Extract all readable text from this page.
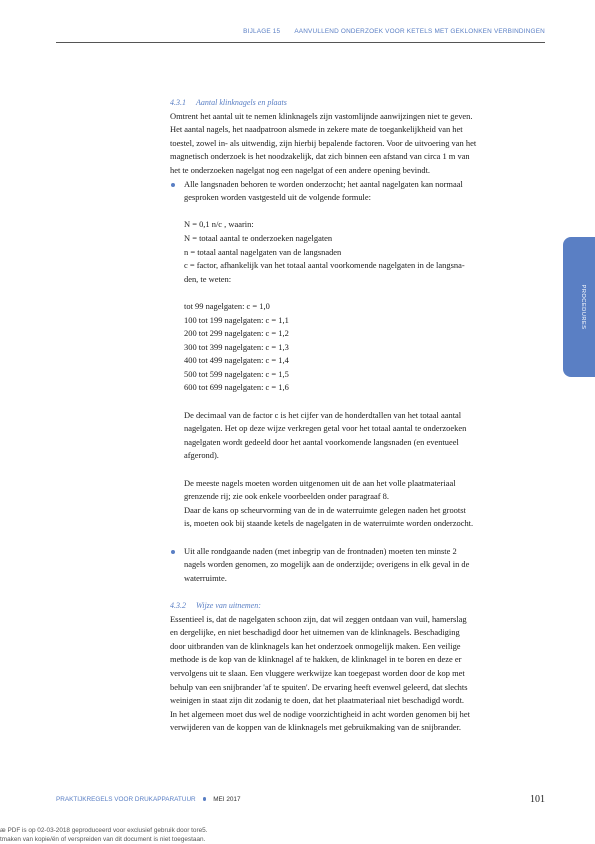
BIJLAGE 15 AANVULLEND ONDERZOEK VOOR KETELS MET GEKLONKEN VERBINDINGEN
4.3.1 Aantal klinknagels en plaats

Omtrent het aantal uit te nemen klinknagels zijn vastomlijnde aanwijzingen niet te geven.
Het aantal nagels, het naadpatroon alsmede in zekere mate de toegankelijkheid van het
toestel, zowel in- als uitwendig, zijn hierbij bepalende factoren. Voor de uitvoering van het
magnetisch onderzoek is het noodzakelijk, dat zich binnen een afstand van circa 1 m van
het te onderzoeken nagelgat nog een nagelgat of een andere opening bevindt.

Alle langsnaden behoren te worden onderzocht; het aantal nagelgaten kan normaal
gesproken worden vastgesteld uit de volgende formule:
N = 0,1 n/c , waarin:
N = totaal aantal te onderzoeken nagelgaten
n = totaal aantal nagelgaten van de langsnaden
c = factor, afhankelijk van het totaal aantal voorkomende nagelgaten in de langsna-
den, te weten:
tot 99 nagelgaten: c = 1,0
100 tot 199 nagelgaten: c = 1,1
200 tot 299 nagelgaten: c = 1,2
300 tot 399 nagelgaten: c = 1,3
400 tot 499 nagelgaten: c = 1,4
500 tot 599 nagelgaten: c = 1,5
600 tot 699 nagelgaten: c = 1,6
De decimaal van de factor c is het cijfer van de honderdtallen van het totaal aantal
nagelgaten. Het op deze wijze verkregen getal voor het totaal aantal te onderzoeken
nagelgaten wordt gedeeld door het aantal voorkomende langsnaden (en eventueel
afgerond).
De meeste nagels moeten worden uitgenomen uit de aan het volle plaatmateriaal
grenzende rij; zie ook enkele voorbeelden onder paragraaf 8.
Daar de kans op scheurvorming van de in de waterruimte gelegen naden het grootst
is, moeten ook bij staande ketels de nagelgaten in de waterruimte worden onderzocht.
Uit alle rondgaande naden (met inbegrip van de frontnaden) moeten ten minste 2
nagels worden genomen, zo mogelijk aan de onderzijde; overigens in elk geval in de
waterruimte.
4.3.2 Wijze van uitnemen:

Essentieel is, dat de nagelgaten schoon zijn, dat wil zeggen ontdaan van vuil, hamerslag
en dergelijke, en niet beschadigd door het uitnemen van de klinknagels. Beschadiging
door uitbranden van de klinknagels kan het onderzoek onmogelijk maken. Een veilige
methode is de kop van de klinknagel af te hakken, de klinknagel in te boren en deze er
vervolgens uit te slaan. Een vluggere werkwijze kan toegepast worden door de kop met
behulp van een snijbrander 'af te spuiten'. De ervaring heeft evenwel geleerd, dat slechts
weinigen in staat zijn dit zodanig te doen, dat het plaatmateriaal niet beschadigd wordt.
In het algemeen moet dus wel de nodige voorzichtigheid in acht worden genomen bij het
verwijderen van de koppen van de klinknagels met gebruikmaking van de snijbrander.

PROCEDURES
PRAKTIJKREGELS VOOR DRUKAPPARATUUR	MEI 2017	101
æ PDF is op 02-03-2018 geproduceerd voor exclusief gebruik door tore5.
tmaken van kopie/ën of verspreiden van dit document is niet toegestaan.
